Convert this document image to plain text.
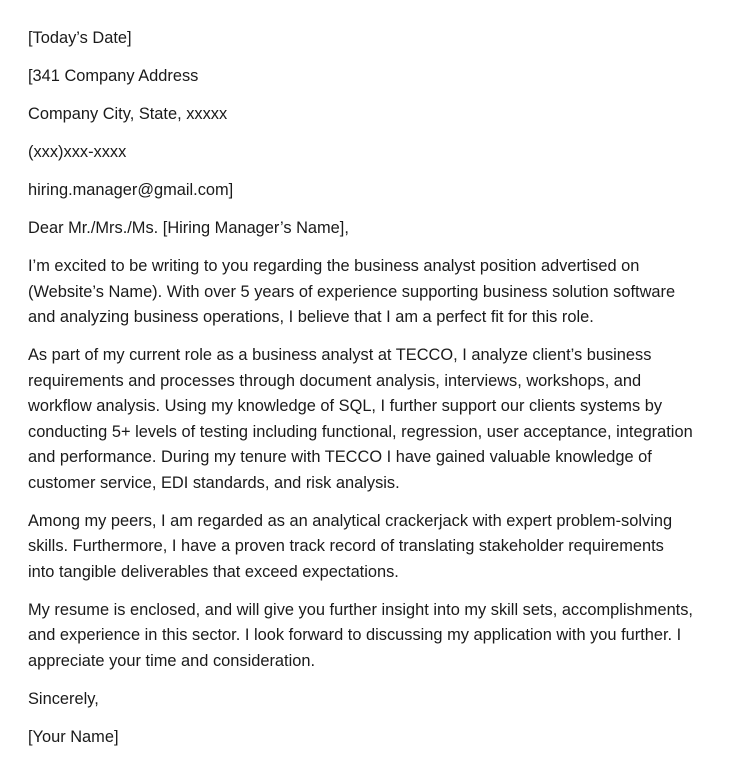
[Today’s Date]
[341 Company Address
Company City, State, xxxxx
(xxx)xxx-xxxx
hiring.manager@gmail.com]
Dear Mr./Mrs./Ms. [Hiring Manager’s Name],
I’m excited to be writing to you regarding the business analyst position advertised on
(Website’s Name). With over 5 years of experience supporting business solution software
and analyzing business operations, I believe that I am a perfect fit for this role.
As part of my current role as a business analyst at TECCO, I analyze client’s business
requirements and processes through document analysis, interviews, workshops, and
workflow analysis. Using my knowledge of SQL, I further support our clients systems by
conducting 5+ levels of testing including functional, regression, user acceptance, integration
and performance. During my tenure with TECCO I have gained valuable knowledge of
customer service, EDI standards, and risk analysis.
Among my peers, I am regarded as an analytical crackerjack with expert problem-solving
skills. Furthermore, I have a proven track record of translating stakeholder requirements
into tangible deliverables that exceed expectations.
My resume is enclosed, and will give you further insight into my skill sets, accomplishments,
and experience in this sector. I look forward to discussing my application with you further. I
appreciate your time and consideration.
Sincerely,
[Your Name]
